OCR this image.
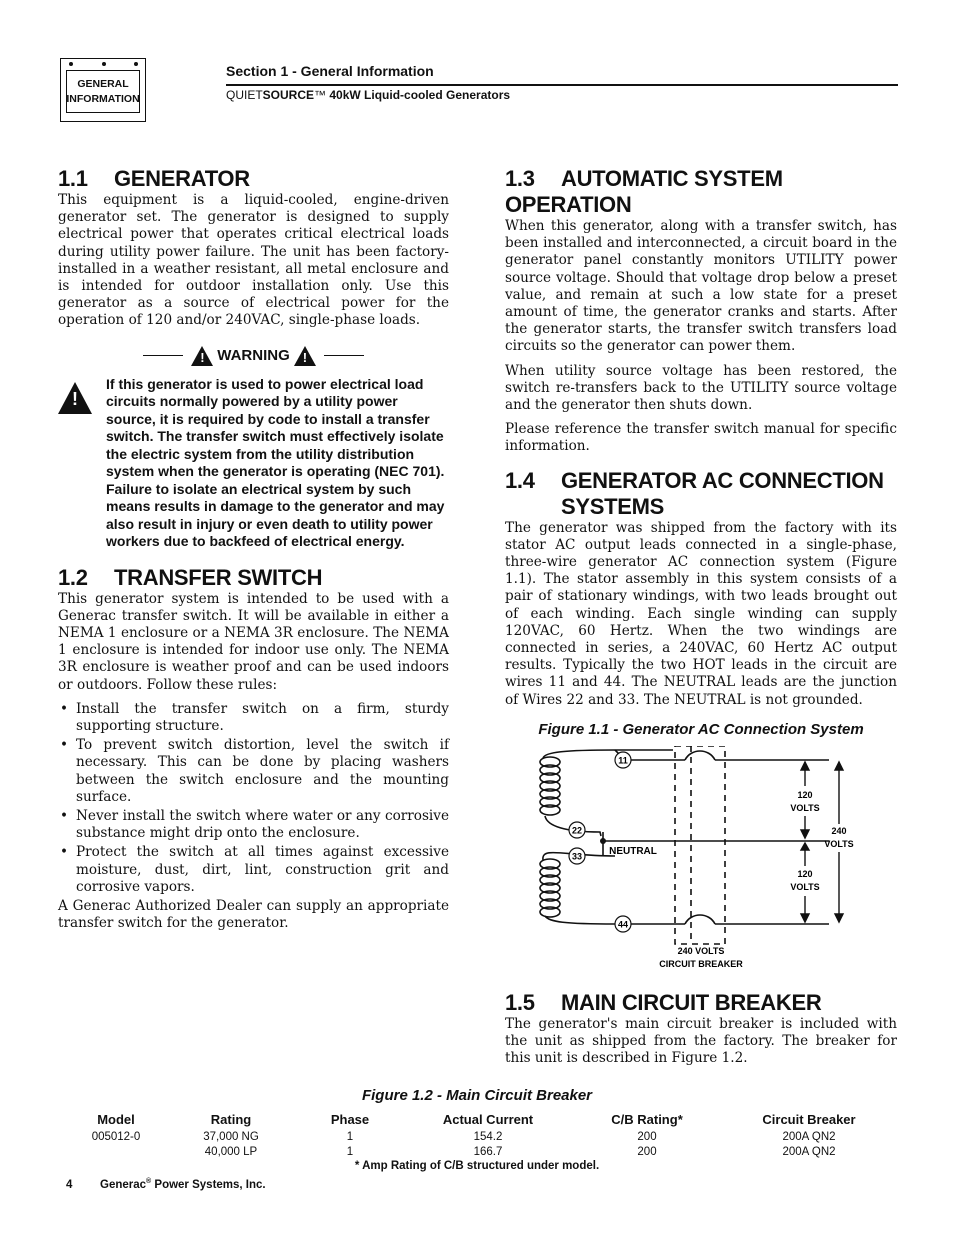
GENERAL
INFORMATION
Section 1 - General Information
QUIETSOURCE™ 40kW Liquid-cooled Generators
1.1 GENERATOR

This equipment is a liquid-cooled, engine-driven generator set. The generator is designed to supply electrical power that operates critical electrical loads during utility power failure. The unit has been factory-installed in a weather resistant, all metal enclosure and is intended for outdoor installation only. Use this generator as a source of electrical power for the operation of 120 and/or 240VAC, single-phase loads.

! WARNING !
!

If this generator is used to power electrical load circuits normally powered by a utility power source, it is required by code to install a transfer switch. The transfer switch must effectively isolate the electric system from the utility distribution system when the generator is operating (NEC 701). Failure to isolate an electrical system by such means results in damage to the generator and may also result in injury or even death to utility power workers due to backfeed of electrical energy.

1.2 TRANSFER SWITCH

This generator system is intended to be used with a Generac transfer switch. It will be available in either a NEMA 1 enclosure or a NEMA 3R enclosure. The NEMA 1 enclosure is intended for indoor use only. The NEMA 3R enclosure is weather proof and can be used indoors or outdoors. Follow these rules:

• Install the transfer switch on a firm, sturdy supporting structure.
• To prevent switch distortion, level the switch if necessary. This can be done by placing washers between the switch enclosure and the mounting surface.
• Never install the switch where water or any corrosive substance might drip onto the enclosure.
• Protect the switch at all times against excessive moisture, dust, dirt, lint, construction grit and corrosive vapors.

A Generac Authorized Dealer can supply an appropriate transfer switch for the generator.

1.3 AUTOMATIC SYSTEM OPERATION

When this generator, along with a transfer switch, has been installed and interconnected, a circuit board in the generator panel constantly monitors UTILITY power source voltage. Should that voltage drop below a preset value, and remain at such a low state for a preset amount of time, the generator cranks and starts. After the generator starts, the transfer switch transfers load circuits so the generator can power them.

When utility source voltage has been restored, the switch re-transfers back to the UTILITY source voltage and the generator then shuts down.

Please reference the transfer switch manual for specific information.

1.4 GENERATOR AC CONNECTION
SYSTEMS

The generator was shipped from the factory with its stator AC output leads connected in a single-phase, three-wire generator AC connection system (Figure 1.1). The stator assembly in this system consists of a pair of stationary windings, with two leads brought out of each winding. Each single winding can supply 120VAC, 60 Hertz. When the two windings are connected in series, a 240VAC, 60 Hertz AC output results. Typically the two HOT leads in the circuit are wires 11 and 44. The NEUTRAL leads are the junction of Wires 22 and 33. The NEUTRAL is not grounded.

Figure 1.1 - Generator AC Connection System
11
22
33
44
NEUTRAL
120
VOLTS
120
VOLTS
240
VOLTS
240 VOLTS
CIRCUIT BREAKER
1.5 MAIN CIRCUIT BREAKER

The generator's main circuit breaker is included with the unit as shipped from the factory. The breaker for this unit is described in Figure 1.2.

Figure 1.2 - Main Circuit Breaker
Model	Rating	Phase	Actual Current	C/B Rating*	Circuit Breaker
005012-0	37,000 NG	1	154.2	200	200A QN2
	40,000 LP	1	166.7	200	200A QN2
* Amp Rating of C/B structured under model.
4 Generac® Power Systems, Inc.
